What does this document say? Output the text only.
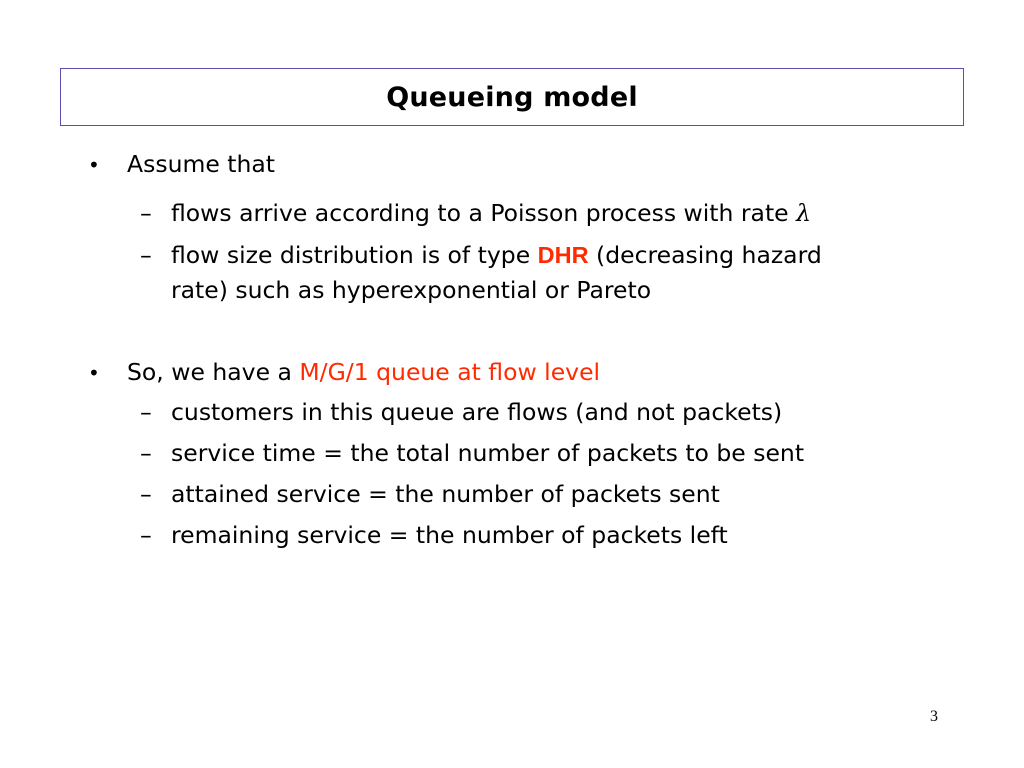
Queueing model
• Assume that
– flows arrive according to a Poisson process with rate λ
– flow size distribution is of type DHR (decreasing hazard
rate) such as hyperexponential or Pareto
• So, we have a M/G/1 queue at flow level
– customers in this queue are flows (and not packets)
– service time = the total number of packets to be sent
– attained service = the number of packets sent
– remaining service = the number of packets left
3
